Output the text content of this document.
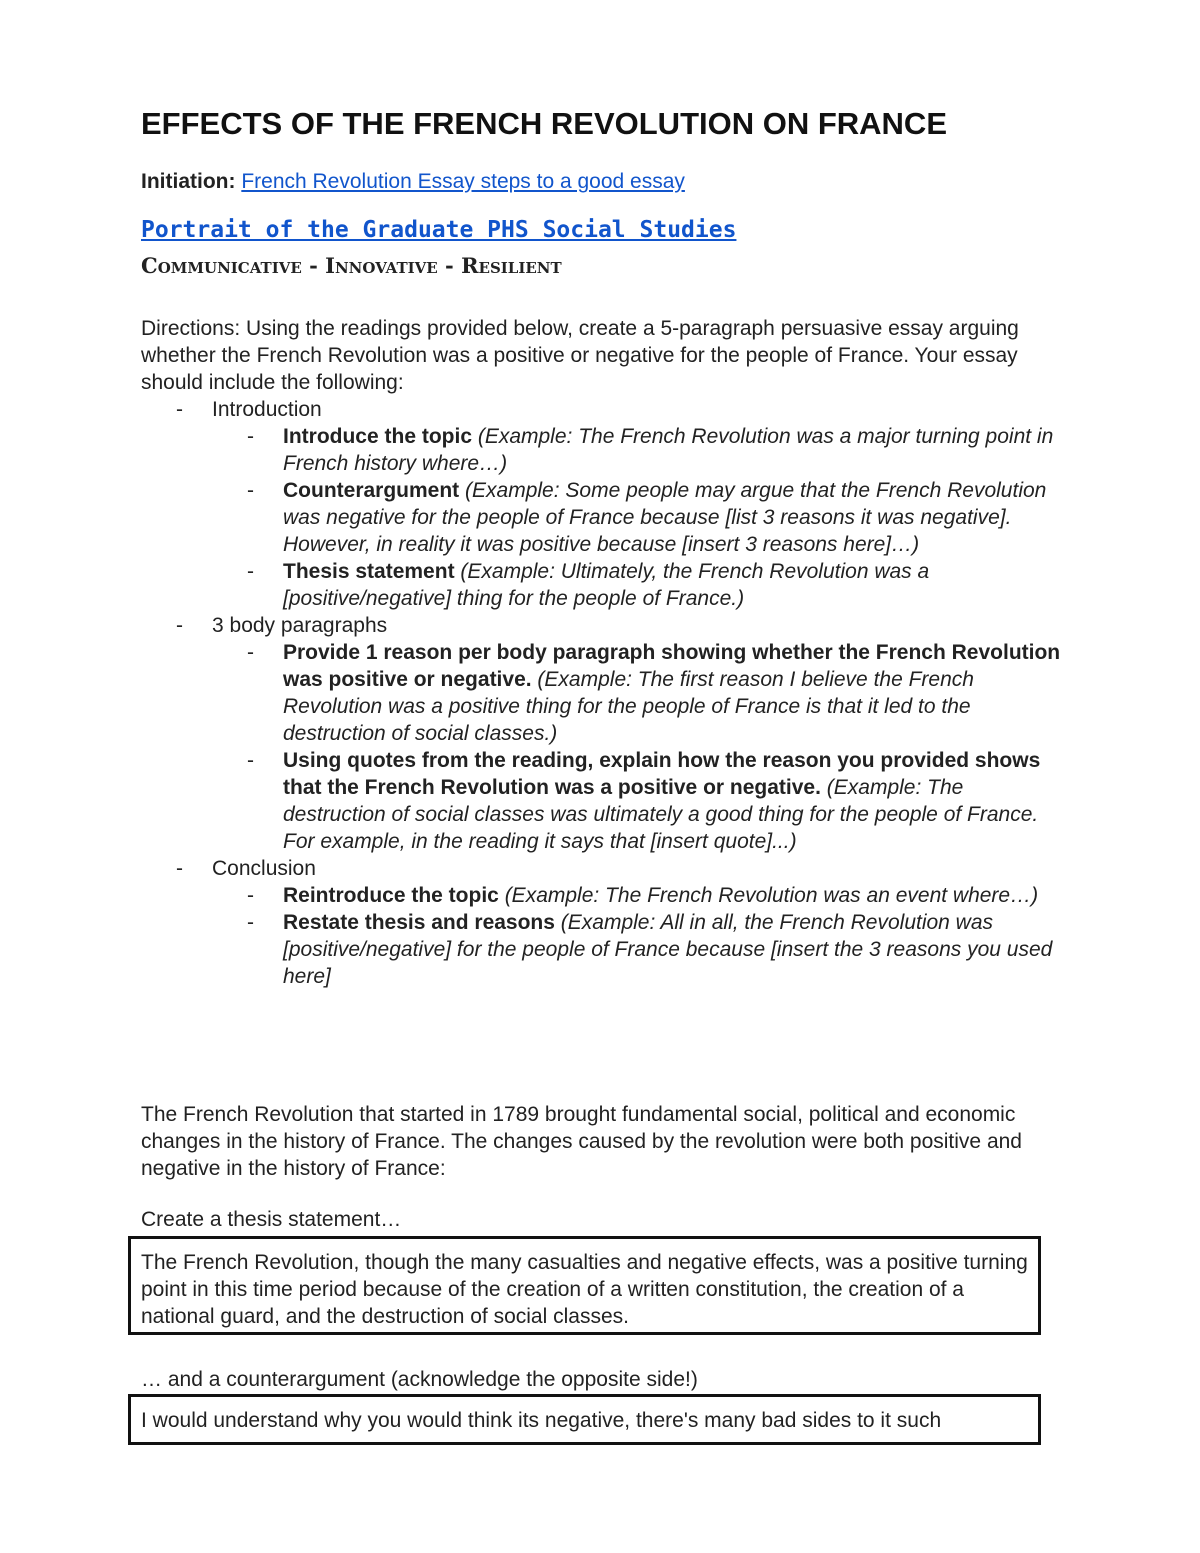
EFFECTS OF THE FRENCH REVOLUTION ON FRANCE
Initiation: French Revolution Essay steps to a good essay
Portrait of the Graduate PHS Social Studies
Communicative - Innovative - Resilient
Directions: Using the readings provided below, create a 5-paragraph persuasive essay arguing whether the French Revolution was a positive or negative for the people of France. Your essay should include the following:
- Introduction
- Introduce the topic (Example: The French Revolution was a major turning point in French history where…)
- Counterargument (Example: Some people may argue that the French Revolution was negative for the people of France because [list 3 reasons it was negative]. However, in reality it was positive because [insert 3 reasons here]…)
- Thesis statement (Example: Ultimately, the French Revolution was a [positive/negative] thing for the people of France.)
- 3 body paragraphs
- Provide 1 reason per body paragraph showing whether the French Revolution was positive or negative. (Example: The first reason I believe the French Revolution was a positive thing for the people of France is that it led to the destruction of social classes.)
- Using quotes from the reading, explain how the reason you provided shows that the French Revolution was a positive or negative. (Example: The destruction of social classes was ultimately a good thing for the people of France. For example, in the reading it says that [insert quote]...)
- Conclusion
- Reintroduce the topic (Example: The French Revolution was an event where…)
- Restate thesis and reasons (Example: All in all, the French Revolution was [positive/negative] for the people of France because [insert the 3 reasons you used here]
The French Revolution that started in 1789 brought fundamental social, political and economic changes in the history of France. The changes caused by the revolution were both positive and negative in the history of France:
Create a thesis statement…
The French Revolution, though the many casualties and negative effects, was a positive turning point in this time period because of the creation of a written constitution, the creation of a national guard, and the destruction of social classes.
… and a counterargument (acknowledge the opposite side!)
I would understand why you would think its negative, there's many bad sides to it such
